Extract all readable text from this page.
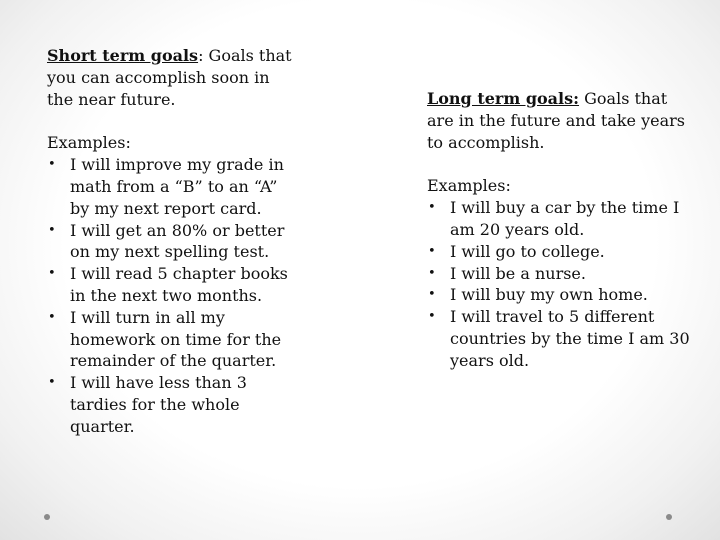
Short term goals: Goals that you can accomplish soon in the near future.

Examples:

• I will improve my grade in math from a “B” to an “A” by my next report card.
• I will get an 80% or better on my next spelling test.
• I will read 5 chapter books in the next two months.
• I will turn in all my homework on time for the remainder of the quarter.
• I will have less than 3 tardies for the whole quarter.

Long term goals: Goals that are in the future and take years to accomplish.

Examples:

• I will buy a car by the time I am 20 years old.
• I will go to college.
• I will be a nurse.
• I will buy my own home.
• I will travel to 5 different countries by the time I am 30 years old.
